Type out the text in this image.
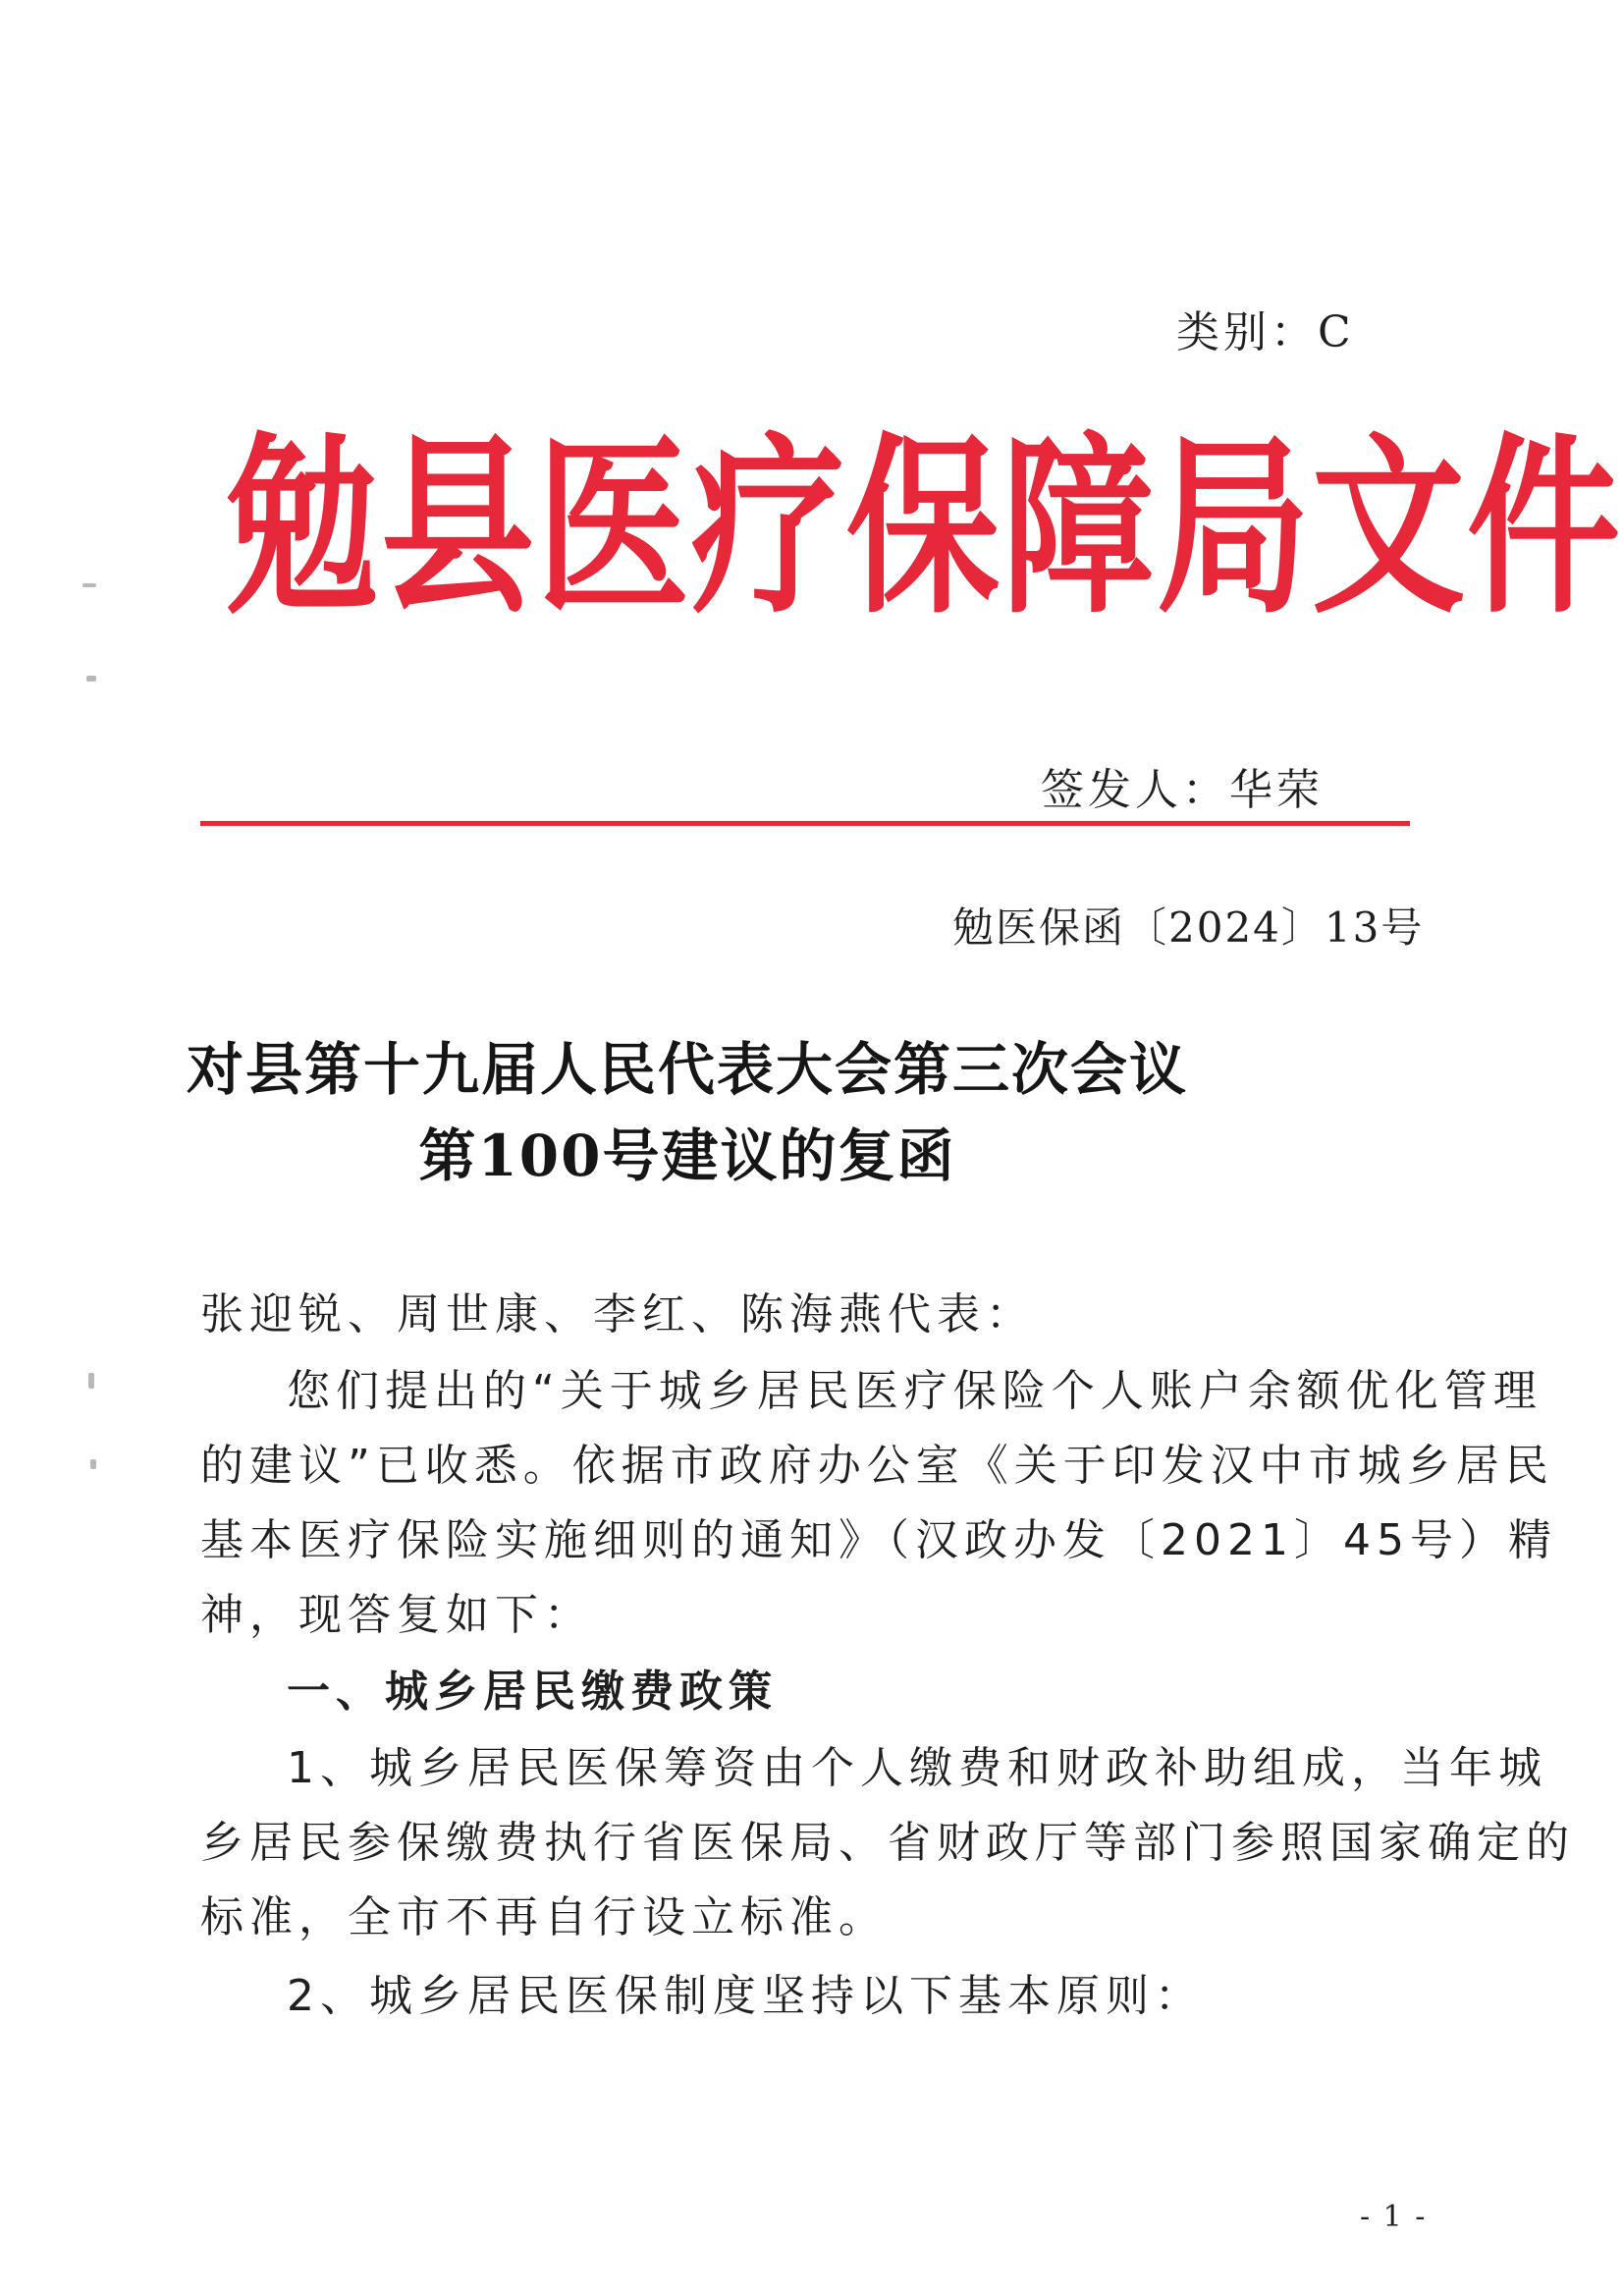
类别：C
勉县医疗保障局文件
签发人：华荣
勉医保函〔2024〕13号
对县第十九届人民代表大会第三次会议
第100号建议的复函
张迎锐、周世康、李红、陈海燕代表：
您们提出的“关于城乡居民医疗保险个人账户余额优化管理
的建议”已收悉。依据市政府办公室《关于印发汉中市城乡居民
基本医疗保险实施细则的通知》（汉政办发〔2021〕45号）精
神，现答复如下：
一、城乡居民缴费政策
1、城乡居民医保筹资由个人缴费和财政补助组成，当年城
乡居民参保缴费执行省医保局、省财政厅等部门参照国家确定的
标准，全市不再自行设立标准。
2、城乡居民医保制度坚持以下基本原则：
- 1 -
